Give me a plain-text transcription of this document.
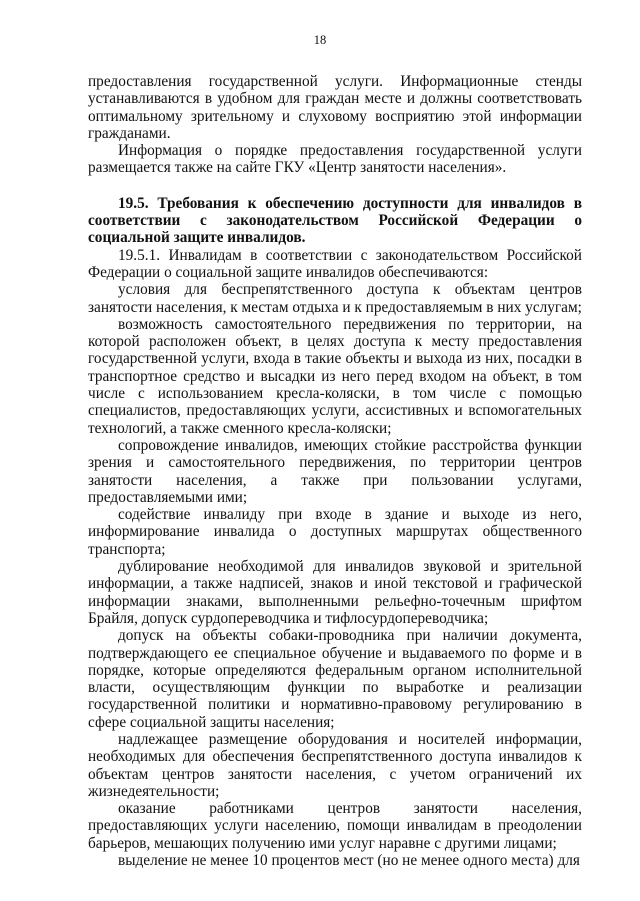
18

предоставления государственной услуги. Информационные стенды устанавливаются в удобном для граждан месте и должны соответствовать оптимальному зрительному и слуховому восприятию этой информации гражданами.

Информация о порядке предоставления государственной услуги размещается также на сайте ГКУ «Центр занятости населения».

19.5. Требования к обеспечению доступности для инвалидов в соответствии с законодательством Российской Федерации о социальной защите инвалидов.

19.5.1. Инвалидам в соответствии с законодательством Российской Федерации о социальной защите инвалидов обеспечиваются:

условия для беспрепятственного доступа к объектам центров занятости населения, к местам отдыха и к предоставляемым в них услугам;

возможность самостоятельного передвижения по территории, на которой расположен объект, в целях доступа к месту предоставления государственной услуги, входа в такие объекты и выхода из них, посадки в транспортное средство и высадки из него перед входом на объект, в том числе с использованием кресла-коляски, в том числе с помощью специалистов, предоставляющих услуги, ассистивных и вспомогательных технологий, а также сменного кресла-коляски;

сопровождение инвалидов, имеющих стойкие расстройства функции зрения и самостоятельного передвижения, по территории центров занятости населения, а также при пользовании услугами, предоставляемыми ими;

содействие инвалиду при входе в здание и выходе из него, информирование инвалида о доступных маршрутах общественного транспорта;

дублирование необходимой для инвалидов звуковой и зрительной информации, а также надписей, знаков и иной текстовой и графической информации знаками, выполненными рельефно-точечным шрифтом Брайля, допуск сурдопереводчика и тифлосурдопереводчика;

допуск на объекты собаки-проводника при наличии документа, подтверждающего ее специальное обучение и выдаваемого по форме и в порядке, которые определяются федеральным органом исполнительной власти, осуществляющим функции по выработке и реализации государственной политики и нормативно-правовому регулированию в сфере социальной защиты населения;

надлежащее размещение оборудования и носителей информации, необходимых для обеспечения беспрепятственного доступа инвалидов к объектам центров занятости населения, с учетом ограничений их жизнедеятельности;

оказание работниками центров занятости населения, предоставляющих услуги населению, помощи инвалидам в преодолении барьеров, мешающих получению ими услуг наравне с другими лицами;

выделение не менее 10 процентов мест (но не менее одного места) для
